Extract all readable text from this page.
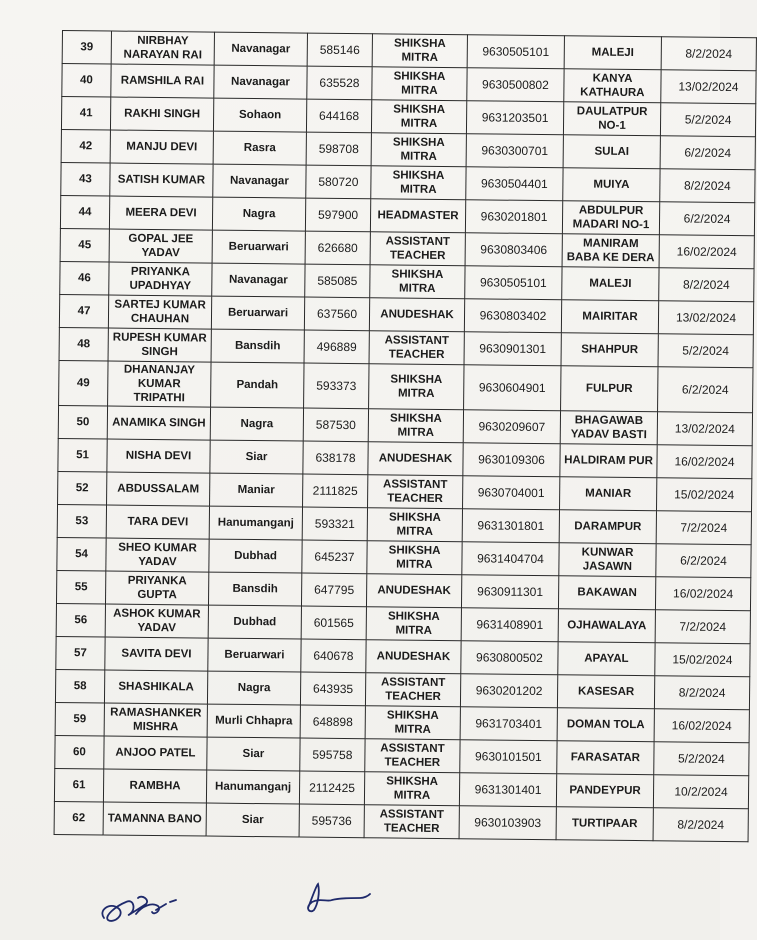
39	NIRBHAY NARAYAN RAI	Navanagar	585146	SHIKSHA MITRA	9630505101	MALEJI	8/2/2024
40	RAMSHILA RAI	Navanagar	635528	SHIKSHA MITRA	9630500802	KANYA KATHAURA	13/02/2024
41	RAKHI SINGH	Sohaon	644168	SHIKSHA MITRA	9631203501	DAULATPUR NO-1	5/2/2024
42	MANJU DEVI	Rasra	598708	SHIKSHA MITRA	9630300701	SULAI	6/2/2024
43	SATISH KUMAR	Navanagar	580720	SHIKSHA MITRA	9630504401	MUIYA	8/2/2024
44	MEERA DEVI	Nagra	597900	HEADMASTER	9630201801	ABDULPUR MADARI NO-1	6/2/2024
45	GOPAL JEE YADAV	Beruarwari	626680	ASSISTANT TEACHER	9630803406	MANIRAM BABA KE DERA	16/02/2024
46	PRIYANKA UPADHYAY	Navanagar	585085	SHIKSHA MITRA	9630505101	MALEJI	8/2/2024
47	SARTEJ KUMAR CHAUHAN	Beruarwari	637560	ANUDESHAK	9630803402	MAIRITAR	13/02/2024
48	RUPESH KUMAR SINGH	Bansdih	496889	ASSISTANT TEACHER	9630901301	SHAHPUR	5/2/2024
49	DHANANJAY KUMAR TRIPATHI	Pandah	593373	SHIKSHA MITRA	9630604901	FULPUR	6/2/2024
50	ANAMIKA SINGH	Nagra	587530	SHIKSHA MITRA	9630209607	BHAGAWAB YADAV BASTI	13/02/2024
51	NISHA DEVI	Siar	638178	ANUDESHAK	9630109306	HALDIRAM PUR	16/02/2024
52	ABDUSSALAM	Maniar	2111825	ASSISTANT TEACHER	9630704001	MANIAR	15/02/2024
53	TARA DEVI	Hanumanganj	593321	SHIKSHA MITRA	9631301801	DARAMPUR	7/2/2024
54	SHEO KUMAR YADAV	Dubhad	645237	SHIKSHA MITRA	9631404704	KUNWAR JASAWN	6/2/2024
55	PRIYANKA GUPTA	Bansdih	647795	ANUDESHAK	9630911301	BAKAWAN	16/02/2024
56	ASHOK KUMAR YADAV	Dubhad	601565	SHIKSHA MITRA	9631408901	OJHAWALAYA	7/2/2024
57	SAVITA DEVI	Beruarwari	640678	ANUDESHAK	9630800502	APAYAL	15/02/2024
58	SHASHIKALA	Nagra	643935	ASSISTANT TEACHER	9630201202	KASESAR	8/2/2024
59	RAMASHANKER MISHRA	Murli Chhapra	648898	SHIKSHA MITRA	9631703401	DOMAN TOLA	16/02/2024
60	ANJOO PATEL	Siar	595758	ASSISTANT TEACHER	9630101501	FARASATAR	5/2/2024
61	RAMBHA	Hanumanganj	2112425	SHIKSHA MITRA	9631301401	PANDEYPUR	10/2/2024
62	TAMANNA BANO	Siar	595736	ASSISTANT TEACHER	9630103903	TURTIPAAR	8/2/2024
